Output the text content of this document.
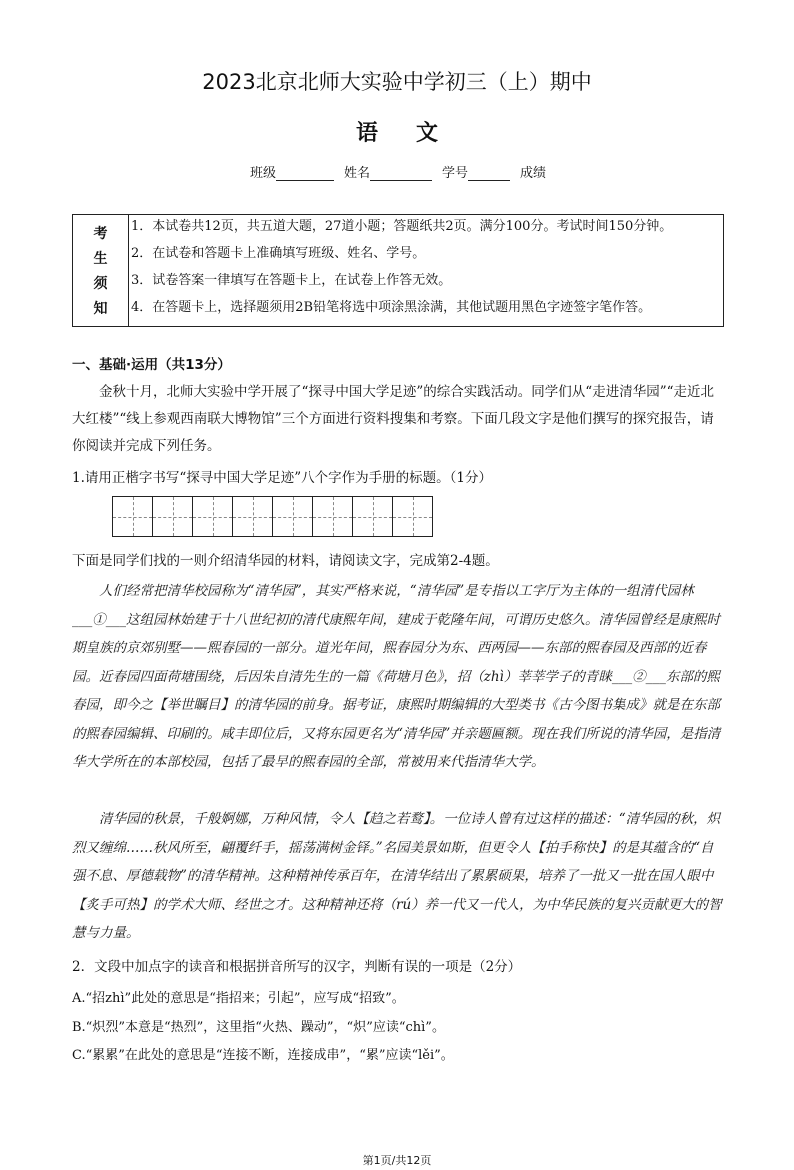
2023北京北师大实验中学初三（上）期中
语文
班级	姓名	学号	成绩
考
生
须
知
1．本试卷共12页，共五道大题，27道小题；答题纸共2页。满分100分。考试时间150分钟。
2．在试卷和答题卡上准确填写班级、姓名、学号。
3．试卷答案一律填写在答题卡上，在试卷上作答无效。
4．在答题卡上，选择题须用2B铅笔将选中项涂黑涂满，其他试题用黑色字迹签字笔作答。
一、基础·运用（共13分）
金秋十月，北师大实验中学开展了“探寻中国大学足迹”的综合实践活动。同学们从“走进清华园”“走近北大红楼”“线上参观西南联大博物馆”三个方面进行资料搜集和考察。下面几段文字是他们撰写的探究报告，请你阅读并完成下列任务。
1.请用正楷字书写“探寻中国大学足迹”八个字作为手册的标题。（1分）
下面是同学们找的一则介绍清华园的材料，请阅读文字，完成第2-4题。
人们经常把清华校园称为“清华园”，其实严格来说，“清华园”是专指以工字厅为主体的一组清代园林___①___这组园林始建于十八世纪初的清代康熙年间，建成于乾隆年间，可谓历史悠久。清华园曾经是康熙时期皇族的京郊别墅——熙春园的一部分。道光年间，熙春园分为东、西两园——东部的熙春园及西部的近春园。近春园四面荷塘围绕，后因朱自清先生的一篇《荷塘月色》，招（zhì）莘莘学子的青睐___②___东部的熙春园，即今之【举世瞩目】的清华园的前身。据考证，康熙时期编辑的大型类书《古今图书集成》就是在东部的熙春园编辑、印刷的。咸丰即位后，又将东园更名为“清华园”并亲题匾额。现在我们所说的清华园，是指清华大学所在的本部校园，包括了最早的熙春园的全部，常被用来代指清华大学。
清华园的秋景，千般婀娜，万种风情，令人【趋之若鹜】。一位诗人曾有过这样的描述：“清华园的秋，炽烈又缠绵……秋风所至，翩覆纤手，摇荡满树金铎。”名园美景如斯，但更令人【拍手称快】的是其蕴含的“自强不息、厚德载物”的清华精神。这种精神传承百年，在清华结出了累累硕果，培养了一批又一批在国人眼中【炙手可热】的学术大师、经世之才。这种精神还将（rú）养一代又一代人，为中华民族的复兴贡献更大的智慧与力量。
2．文段中加点字的读音和根据拼音所写的汉字，判断有误的一项是（2分）
A.“招zhì”此处的意思是“指招来；引起”，应写成“招致”。
B.“炽烈”本意是“热烈”，这里指“火热、躁动”，“炽”应读“chì”。
C.“累累”在此处的意思是“连接不断，连接成串”，“累”应读“lěi”。
第1页/共12页
